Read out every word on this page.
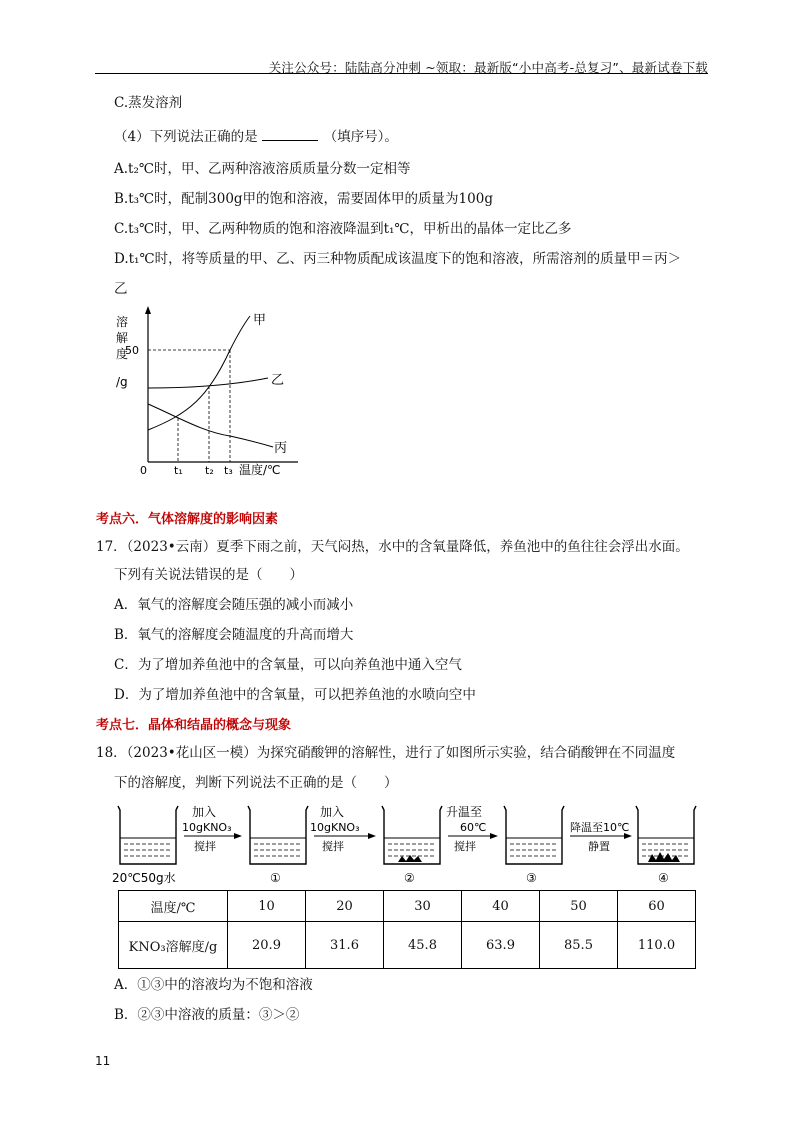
关注公众号：陆陆高分冲刺 ~领取：最新版“小中高考-总复习”、最新试卷下载
C.蒸发溶剂
（4）下列说法正确的是	（填序号）。
A.t₂℃时，甲、乙两种溶液溶质质量分数一定相等
B.t₃℃时，配制300g甲的饱和溶液，需要固体甲的质量为100g
C.t₃℃时，甲、乙两种物质的饱和溶液降温到t₁℃，甲析出的晶体一定比乙多
D.t₁℃时，将等质量的甲、乙、丙三种物质配成该温度下的饱和溶液，所需溶剂的质量甲＝丙＞
乙
溶
解
度
/g
50
0
甲
乙
丙
t₁ t₂ t₃ 温度/℃
考点六．气体溶解度的影响因素
17．（2023•云南）夏季下雨之前，天气闷热，水中的含氧量降低，养鱼池中的鱼往往会浮出水面。
下列有关说法错误的是（　　）
A．氧气的溶解度会随压强的减小而减小
B．氧气的溶解度会随温度的升高而增大
C．为了增加养鱼池中的含氧量，可以向养鱼池中通入空气
D．为了增加养鱼池中的含氧量，可以把养鱼池的水喷向空中
考点七．晶体和结晶的概念与现象
18．（2023•花山区一模）为探究硝酸钾的溶解性，进行了如图所示实验，结合硝酸钾在不同温度
下的溶解度，判断下列说法不正确的是（　　）
20℃50g水
加入
10gKNO₃
搅拌
①
加入
10gKNO₃
搅拌
②
升温至
60℃
搅拌
③
降温至10℃
静置
④
温度/℃	10	20	30	40	50	60
KNO₃溶解度/g	20.9	31.6	45.8	63.9	85.5	110.0
A．①③中的溶液均为不饱和溶液
B．②③中溶液的质量：③＞②
11
